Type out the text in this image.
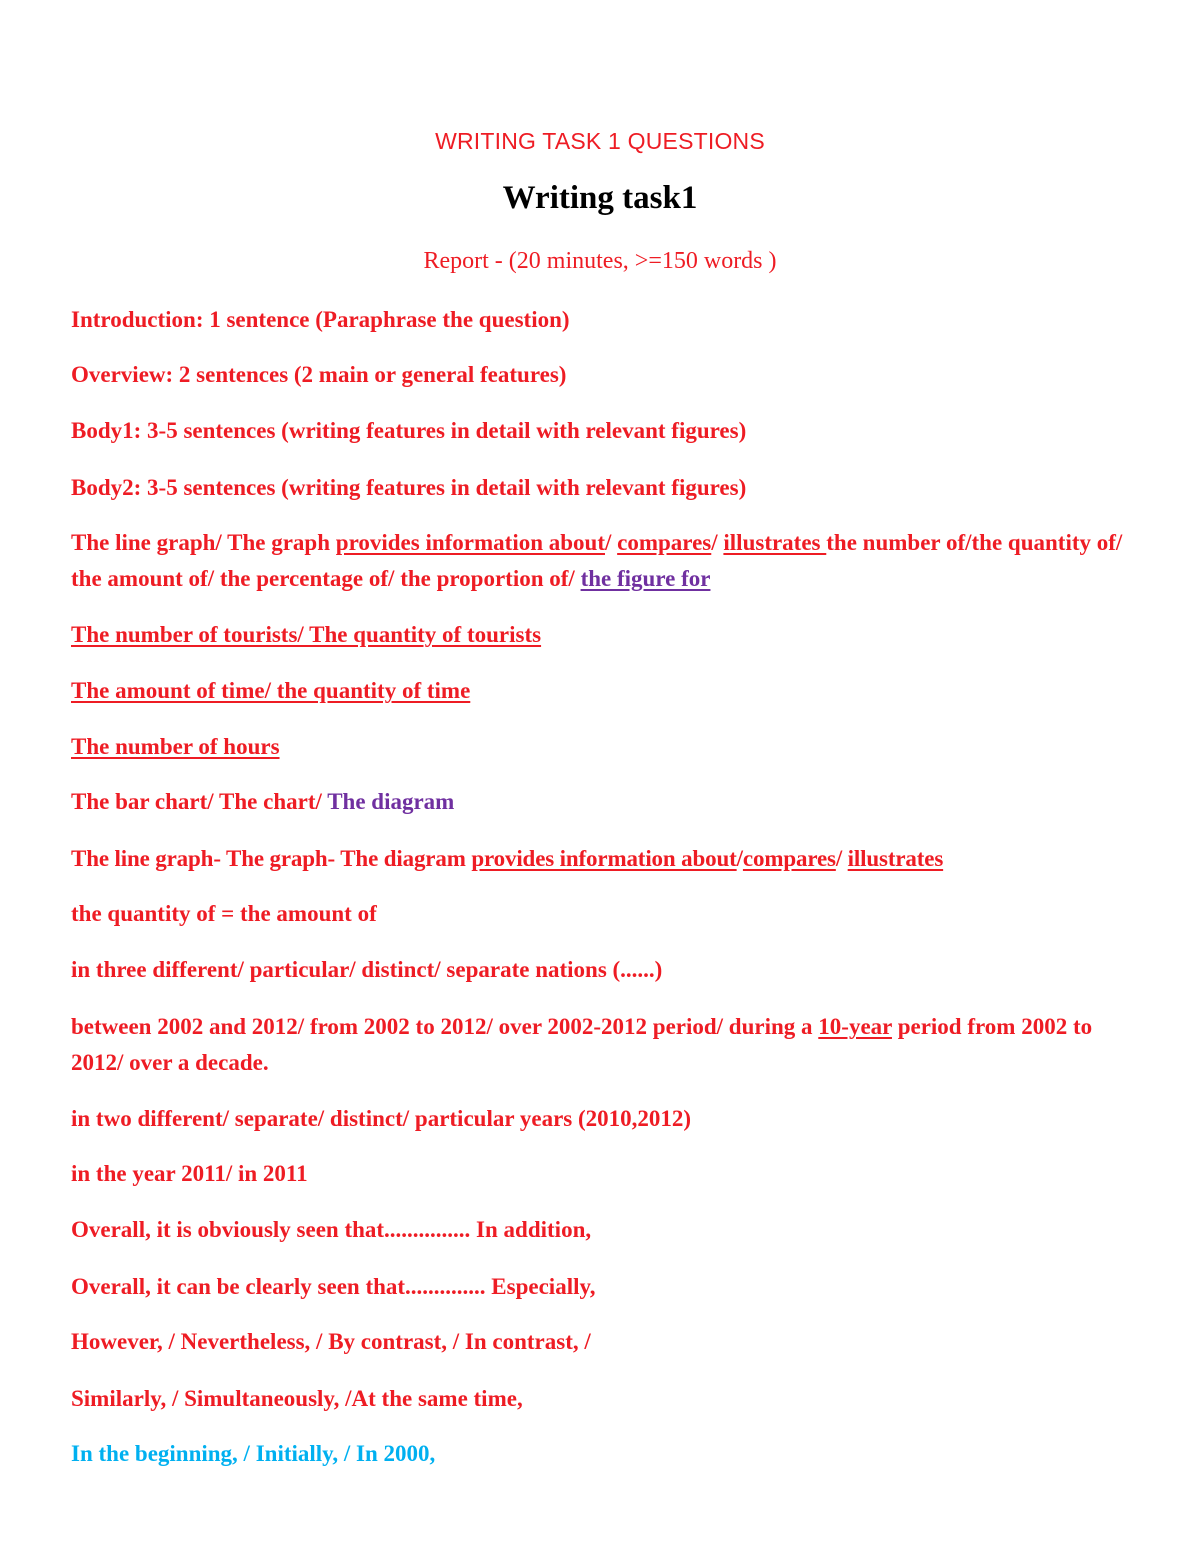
WRITING TASK 1 QUESTIONS
Writing task1
Report - (20 minutes, >=150 words )
Introduction: 1 sentence (Paraphrase the question)
Overview: 2 sentences (2 main or general features)
Body1: 3-5 sentences (writing features in detail with relevant figures)
Body2: 3-5 sentences (writing features in detail with relevant figures)
The line graph/ The graph provides information about/ compares/ illustrates the number of/the quantity of/ the amount of/ the percentage of/ the proportion of/ the figure for
The number of tourists/ The quantity of tourists
The amount of time/ the quantity of time
The number of hours
The bar chart/ The chart/ The diagram
The line graph- The graph- The diagram provides information about/compares/ illustrates
the quantity of = the amount of
in three different/ particular/ distinct/ separate nations (......)
between 2002 and 2012/ from 2002 to 2012/ over 2002-2012 period/ during a 10-year period from 2002 to 2012/ over a decade.
in two different/ separate/ distinct/ particular years (2010,2012)
in the year 2011/ in 2011
Overall, it is obviously seen that............... In addition,
Overall, it can be clearly seen that.............. Especially,
However, / Nevertheless, / By contrast, / In contrast, /
Similarly, / Simultaneously, /At the same time,
In the beginning, / Initially, / In 2000,
